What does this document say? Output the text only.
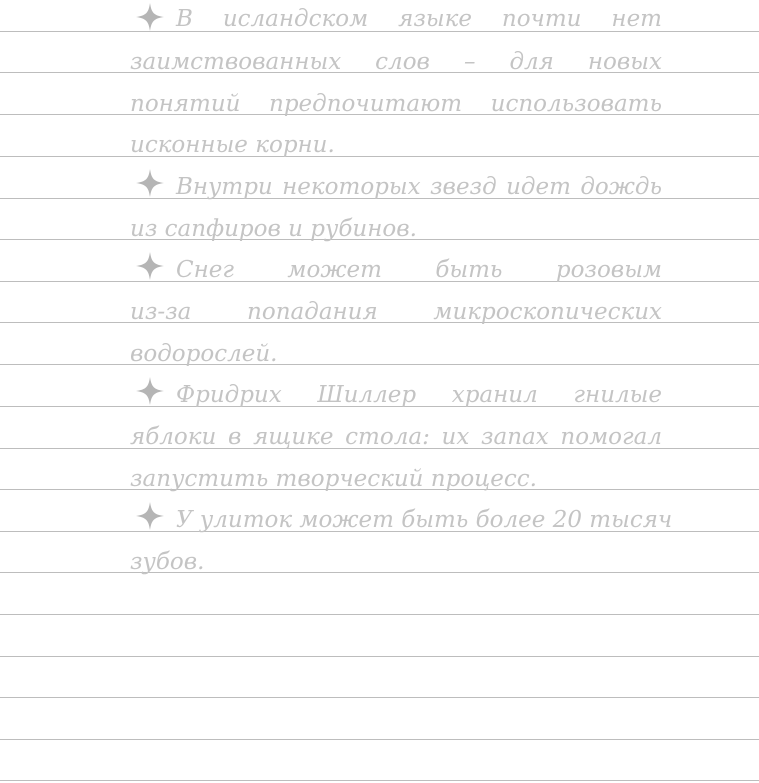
В исландском языке почти нет
заимствованных слов – для новых
понятий предпочитают использовать
исконные корни.
Внутри некоторых звезд идет дождь
из сапфиров и рубинов.
Снег может быть розовым
из-за попадания микроскопических
водорослей.
Фридрих Шиллер хранил гнилые
яблоки в ящике стола: их запах помогал
запустить творческий процесс.
У улиток может быть более 20 тысяч
зубов.
